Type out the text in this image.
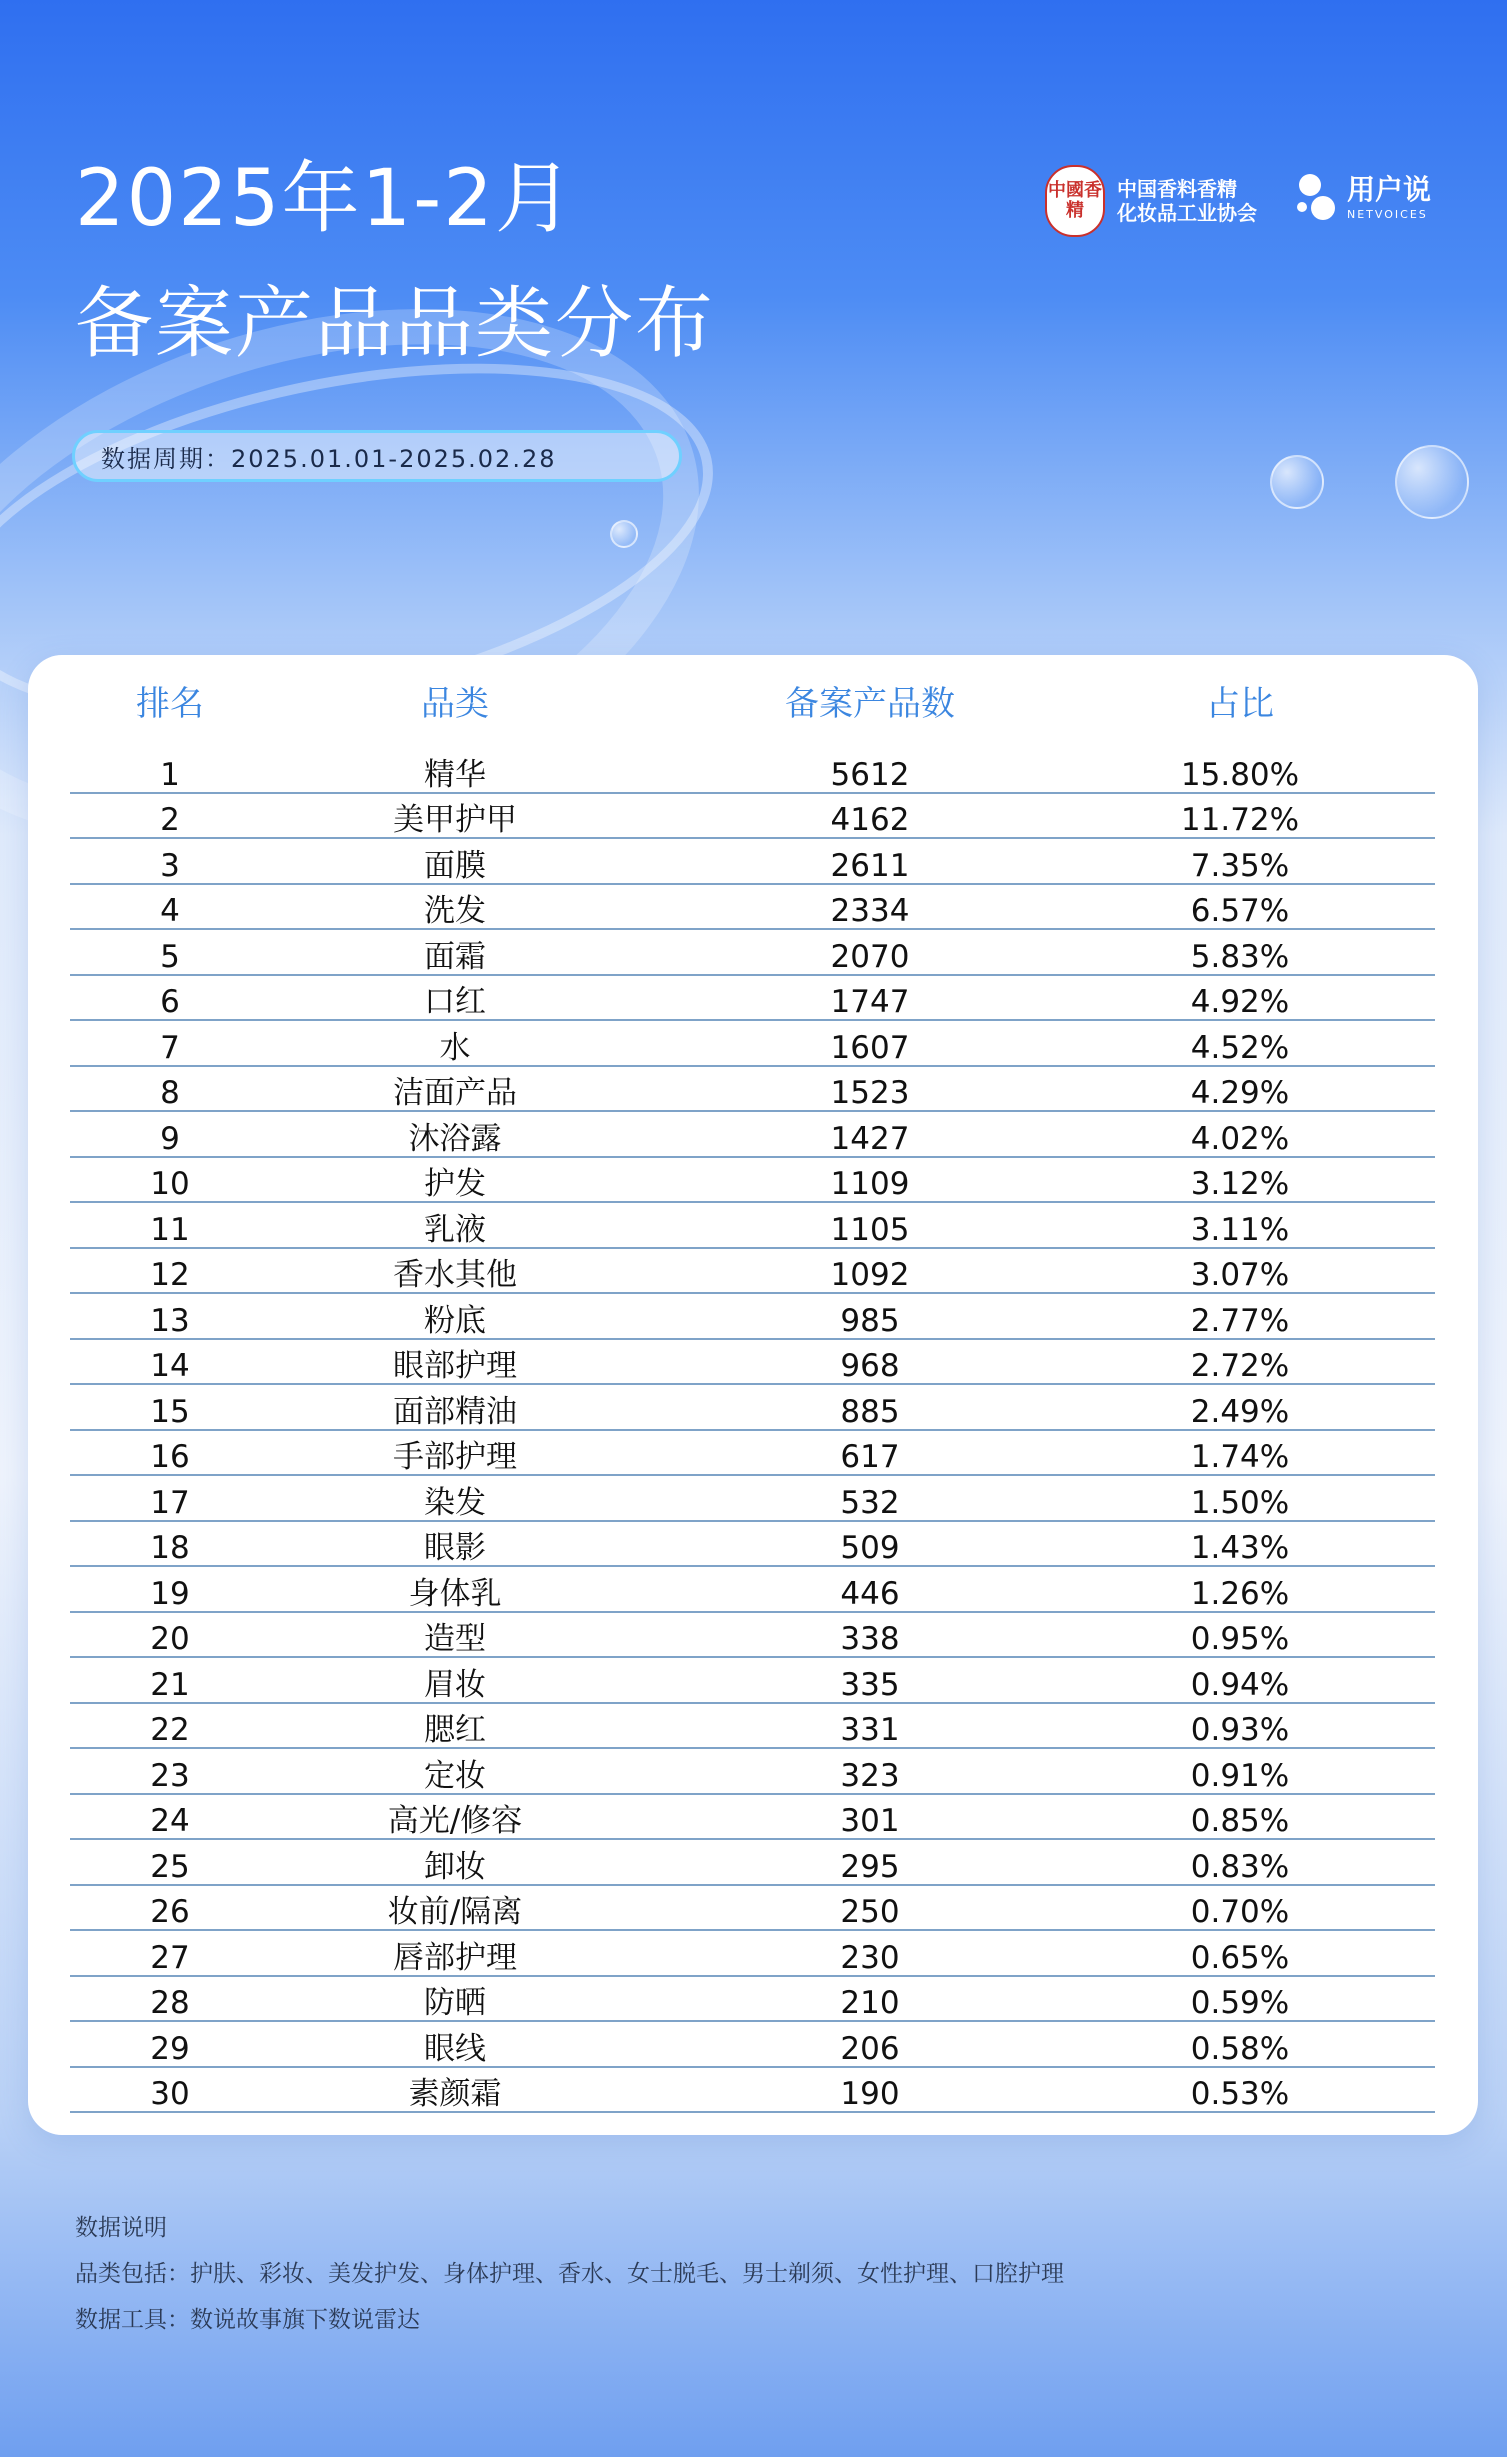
2025年1-2月
备案产品品类分布
数据周期：2025.01.01-2025.02.28
中國香精
中国香料香精
化妆品工业协会
用户说
NETVOICES
排名	品类	备案产品数	占比
1	精华	5612	15.80%
2	美甲护甲	4162	11.72%
3	面膜	2611	7.35%
4	洗发	2334	6.57%
5	面霜	2070	5.83%
6	口红	1747	4.92%
7	水	1607	4.52%
8	洁面产品	1523	4.29%
9	沐浴露	1427	4.02%
10	护发	1109	3.12%
11	乳液	1105	3.11%
12	香水其他	1092	3.07%
13	粉底	985	2.77%
14	眼部护理	968	2.72%
15	面部精油	885	2.49%
16	手部护理	617	1.74%
17	染发	532	1.50%
18	眼影	509	1.43%
19	身体乳	446	1.26%
20	造型	338	0.95%
21	眉妆	335	0.94%
22	腮红	331	0.93%
23	定妆	323	0.91%
24	高光/修容	301	0.85%
25	卸妆	295	0.83%
26	妆前/隔离	250	0.70%
27	唇部护理	230	0.65%
28	防晒	210	0.59%
29	眼线	206	0.58%
30	素颜霜	190	0.53%
数据说明
品类包括：护肤、彩妆、美发护发、身体护理、香水、女士脱毛、男士剃须、女性护理、口腔护理
数据工具：数说故事旗下数说雷达
